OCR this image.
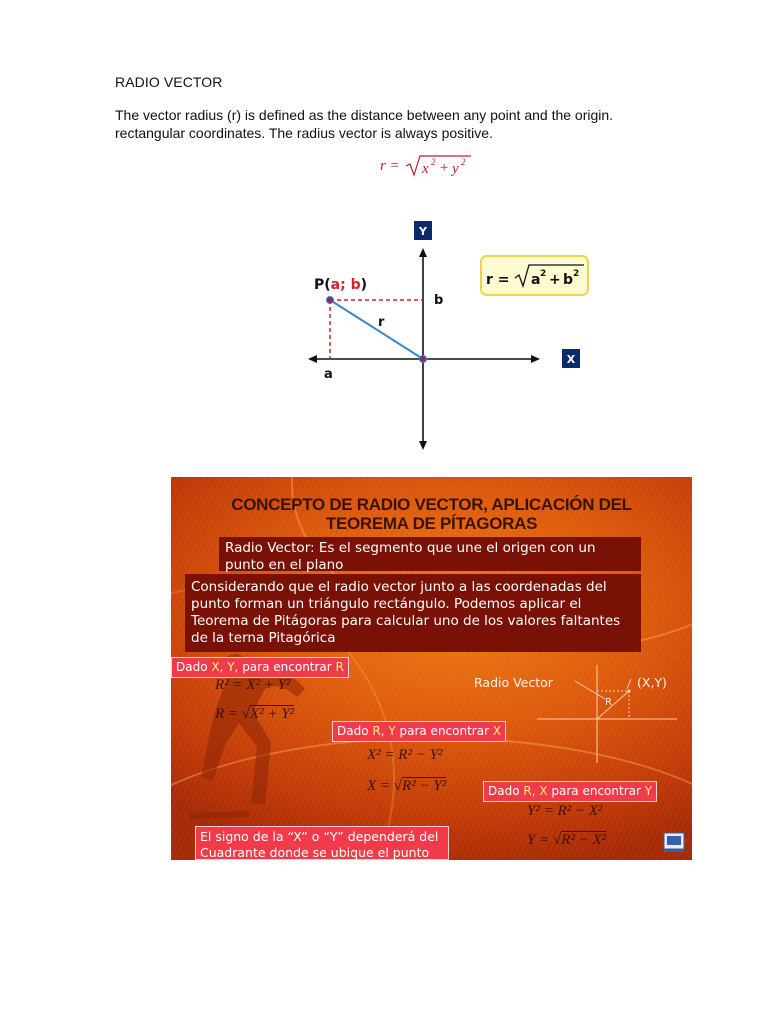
RADIO VECTOR
The vector radius (r) is defined as the distance between any point and the origin. rectangular coordinates. The radius vector is always positive.
r = x 2 + y 2
Y
X
P(a; b)
b
a
r
r = a 2 + b 2
CONCEPTO DE RADIO VECTOR, APLICACIÓN DEL
TEOREMA DE PÍTAGORAS
Radio Vector: Es el segmento que une el origen con un punto en el plano
Considerando que el radio vector junto a las coordenadas del punto forman un triángulo rectángulo. Podemos aplicar el Teorema de Pitágoras para calcular uno de los valores faltantes de la terna Pitagórica
Dado X, Y, para encontrar R
R² = X² + Y²
R = √X² + Y²
Dado R, Y para encontrar X
X² = R² − Y²
X = √R² − Y²	Dado R, X para encontrar Y
Y² = R² − X²
Y = √R² − X²
Radio Vector	(X,Y)
R
El signo de la “X” o “Y” dependerá del Cuadrante donde se ubique el punto
